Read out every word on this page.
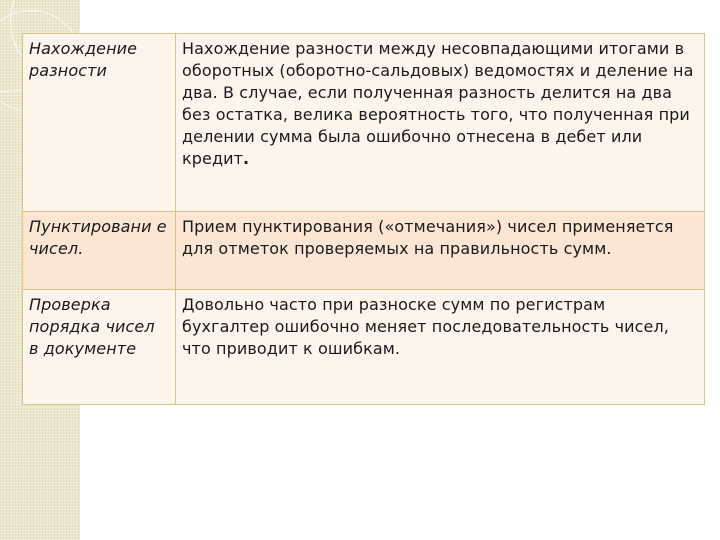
Нахождение разности	Нахождение разности между несовпадающими итогами в оборотных (оборотно-сальдовых) ведомостях и деление на два. В случае, если полученная разность делится на два без остатка, велика вероятность того, что полученная при делении сумма была ошибочно отнесена в дебет или кредит.
Пунктировани е чисел.	Прием пунктирования («отмечания») чисел применяется для отметок проверяемых на правильность сумм.
Проверка порядка чисел в документе	Довольно часто при разноске сумм по регистрам бухгалтер ошибочно меняет последовательность чисел, что приводит к ошибкам.
